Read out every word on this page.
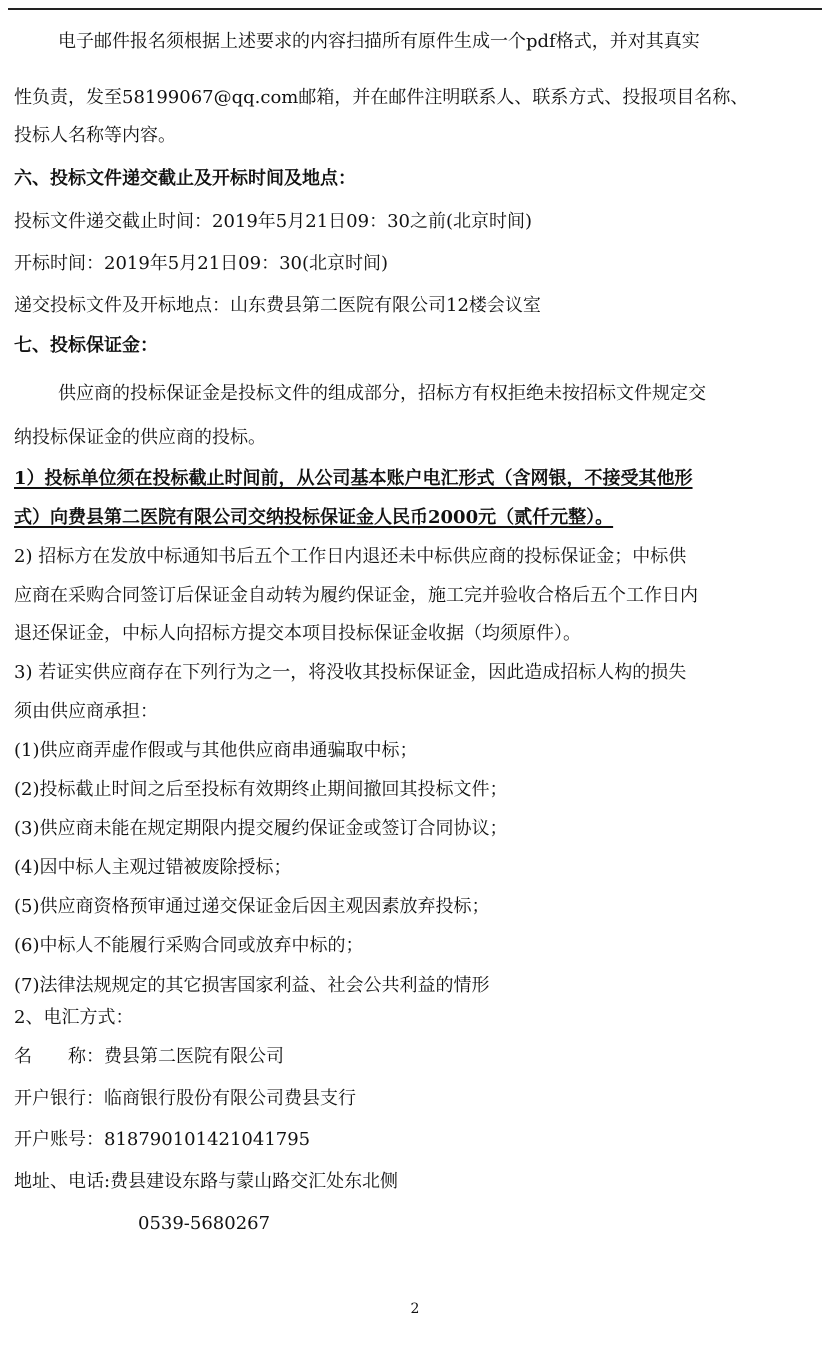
电子邮件报名须根据上述要求的内容扫描所有原件生成一个pdf格式，并对其真实
性负责，发至58199067@qq.com邮箱，并在邮件注明联系人、联系方式、投报项目名称、
投标人名称等内容。
六、投标文件递交截止及开标时间及地点：
投标文件递交截止时间：2019年5月21日09：30之前(北京时间)
开标时间：2019年5月21日09：30(北京时间)
递交投标文件及开标地点：山东费县第二医院有限公司12楼会议室
七、投标保证金：
供应商的投标保证金是投标文件的组成部分，招标方有权拒绝未按招标文件规定交
纳投标保证金的供应商的投标。
1）投标单位须在投标截止时间前，从公司基本账户电汇形式（含网银，不接受其他形
式）向费县第二医院有限公司交纳投标保证金人民币2000元（贰仟元整）。
2) 招标方在发放中标通知书后五个工作日内退还未中标供应商的投标保证金；中标供
应商在采购合同签订后保证金自动转为履约保证金，施工完并验收合格后五个工作日内
退还保证金，中标人向招标方提交本项目投标保证金收据（均须原件）。
3) 若证实供应商存在下列行为之一，将没收其投标保证金，因此造成招标人构的损失
须由供应商承担：
(1)供应商弄虚作假或与其他供应商串通骗取中标；
(2)投标截止时间之后至投标有效期终止期间撤回其投标文件；
(3)供应商未能在规定期限内提交履约保证金或签订合同协议；
(4)因中标人主观过错被废除授标；
(5)供应商资格预审通过递交保证金后因主观因素放弃投标；
(6)中标人不能履行采购合同或放弃中标的；
(7)法律法规规定的其它损害国家利益、社会公共利益的情形
2、电汇方式：
名　　称：费县第二医院有限公司
开户银行：临商银行股份有限公司费县支行
开户账号：818790101421041795
地址、电话:费县建设东路与蒙山路交汇处东北侧
0539-5680267
2
